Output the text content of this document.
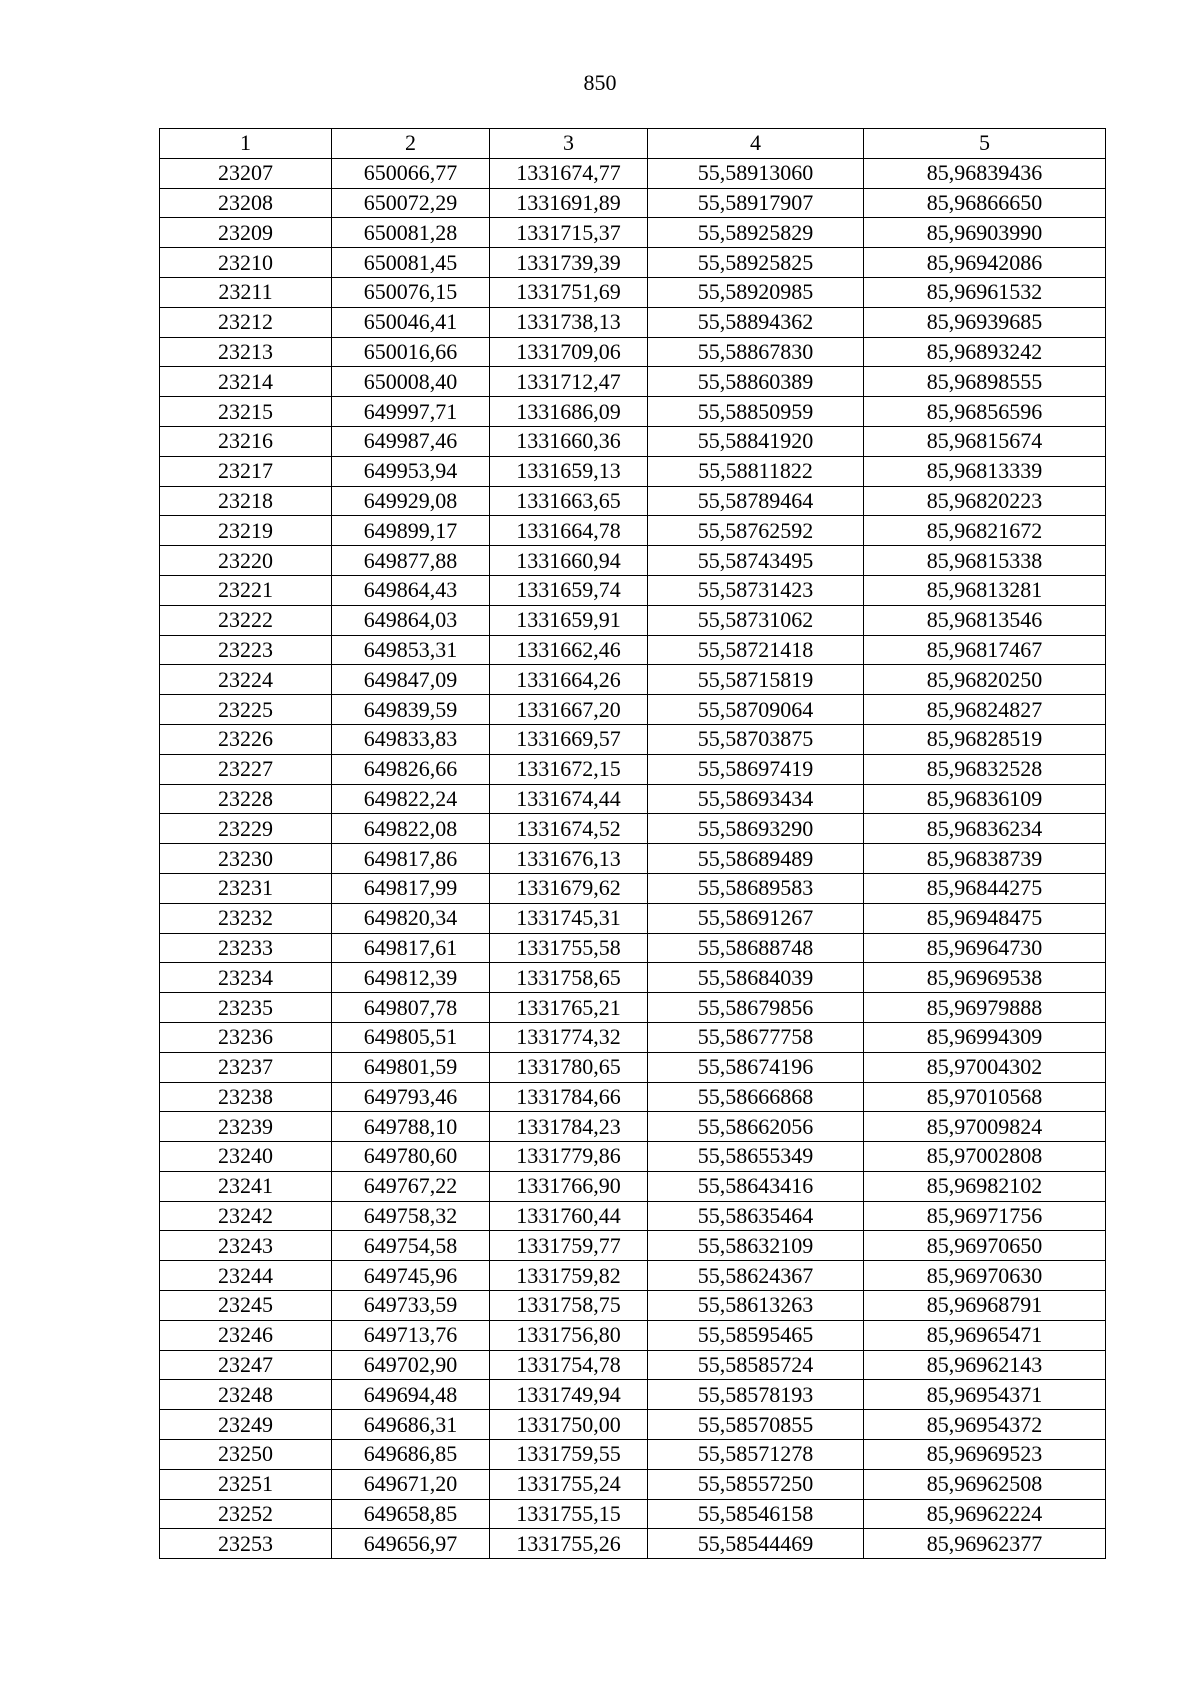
850
1	2	3	4	5
23207	650066,77	1331674,77	55,58913060	85,96839436
23208	650072,29	1331691,89	55,58917907	85,96866650
23209	650081,28	1331715,37	55,58925829	85,96903990
23210	650081,45	1331739,39	55,58925825	85,96942086
23211	650076,15	1331751,69	55,58920985	85,96961532
23212	650046,41	1331738,13	55,58894362	85,96939685
23213	650016,66	1331709,06	55,58867830	85,96893242
23214	650008,40	1331712,47	55,58860389	85,96898555
23215	649997,71	1331686,09	55,58850959	85,96856596
23216	649987,46	1331660,36	55,58841920	85,96815674
23217	649953,94	1331659,13	55,58811822	85,96813339
23218	649929,08	1331663,65	55,58789464	85,96820223
23219	649899,17	1331664,78	55,58762592	85,96821672
23220	649877,88	1331660,94	55,58743495	85,96815338
23221	649864,43	1331659,74	55,58731423	85,96813281
23222	649864,03	1331659,91	55,58731062	85,96813546
23223	649853,31	1331662,46	55,58721418	85,96817467
23224	649847,09	1331664,26	55,58715819	85,96820250
23225	649839,59	1331667,20	55,58709064	85,96824827
23226	649833,83	1331669,57	55,58703875	85,96828519
23227	649826,66	1331672,15	55,58697419	85,96832528
23228	649822,24	1331674,44	55,58693434	85,96836109
23229	649822,08	1331674,52	55,58693290	85,96836234
23230	649817,86	1331676,13	55,58689489	85,96838739
23231	649817,99	1331679,62	55,58689583	85,96844275
23232	649820,34	1331745,31	55,58691267	85,96948475
23233	649817,61	1331755,58	55,58688748	85,96964730
23234	649812,39	1331758,65	55,58684039	85,96969538
23235	649807,78	1331765,21	55,58679856	85,96979888
23236	649805,51	1331774,32	55,58677758	85,96994309
23237	649801,59	1331780,65	55,58674196	85,97004302
23238	649793,46	1331784,66	55,58666868	85,97010568
23239	649788,10	1331784,23	55,58662056	85,97009824
23240	649780,60	1331779,86	55,58655349	85,97002808
23241	649767,22	1331766,90	55,58643416	85,96982102
23242	649758,32	1331760,44	55,58635464	85,96971756
23243	649754,58	1331759,77	55,58632109	85,96970650
23244	649745,96	1331759,82	55,58624367	85,96970630
23245	649733,59	1331758,75	55,58613263	85,96968791
23246	649713,76	1331756,80	55,58595465	85,96965471
23247	649702,90	1331754,78	55,58585724	85,96962143
23248	649694,48	1331749,94	55,58578193	85,96954371
23249	649686,31	1331750,00	55,58570855	85,96954372
23250	649686,85	1331759,55	55,58571278	85,96969523
23251	649671,20	1331755,24	55,58557250	85,96962508
23252	649658,85	1331755,15	55,58546158	85,96962224
23253	649656,97	1331755,26	55,58544469	85,96962377
